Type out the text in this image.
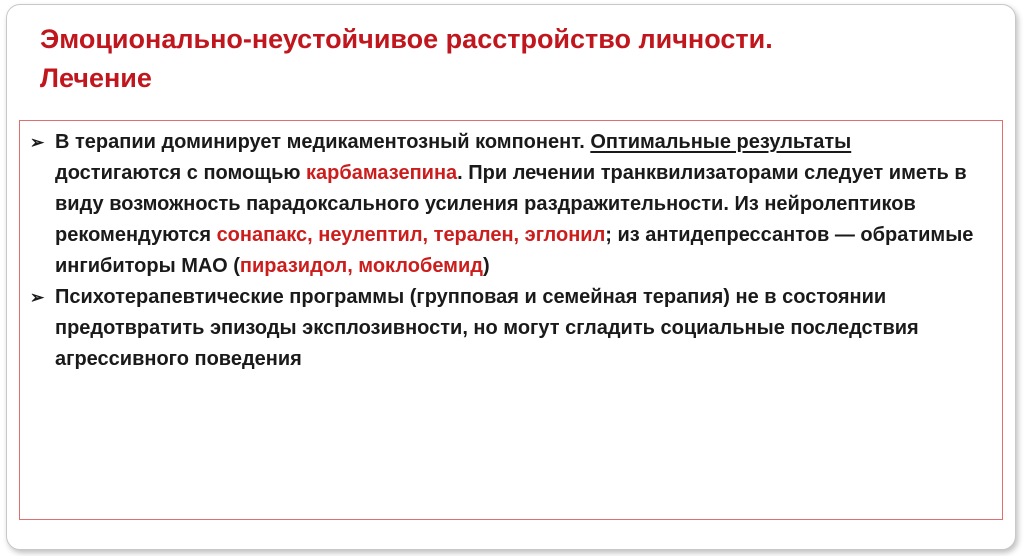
Эмоционально-неустойчивое расстройство личности.
Лечение
➢ В терапии доминирует медикаментозный компонент. Оптимальные результаты достигаются с помощью карбамазепина. При лечении транквилизаторами следует иметь в виду возможность парадоксального усиления раздражительности. Из нейролептиков рекомендуются сонапакс, неулептил, терален, эглонил; из антидепрессантов — обратимые ингибиторы МАО (пиразидол, моклобемид)
➢ Психотерапевтические программы (групповая и семейная терапия) не в состоянии предотвратить эпизоды эксплозивности, но могут сгладить социальные последствия агрессивного поведения
